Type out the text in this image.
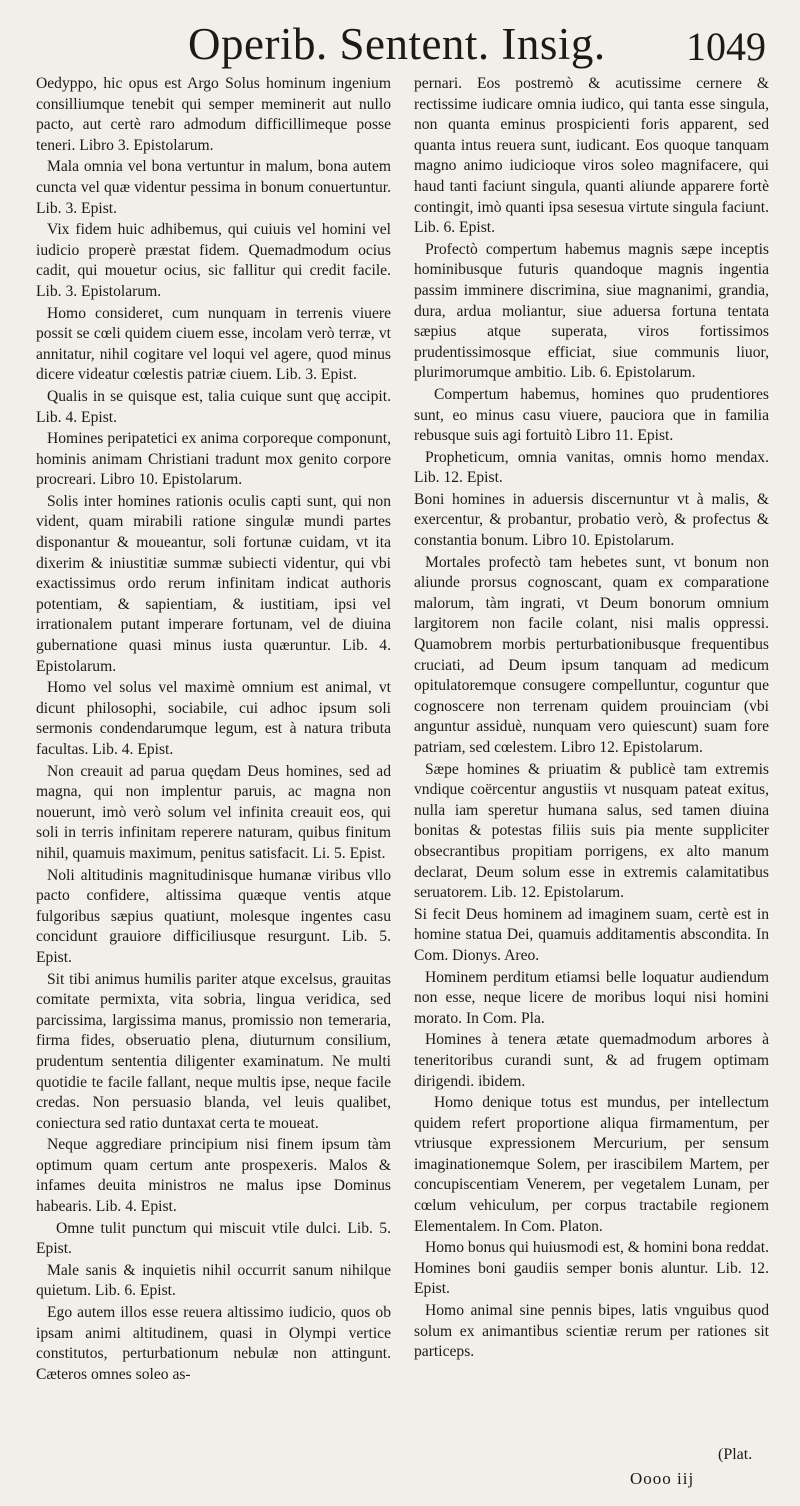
Operib. Sentent. Insig. 1049

Oedyppo, hic opus est Argo Solus hominum ingenium consilliumque tenebit qui semper meminerit aut nullo pacto, aut certè raro admodum difficillimeque posse teneri. Libro 3. Epistolarum.

Mala omnia vel bona vertuntur in malum, bona autem cuncta vel quæ videntur pessima in bonum conuertuntur. Lib. 3. Epist.

Vix fidem huic adhibemus, qui cuiuis vel homini vel iudicio properè præstat fidem. Quemadmodum ocius cadit, qui mouetur ocius, sic fallitur qui credit facile. Lib. 3. Epistolarum.

Homo consideret, cum nunquam in terrenis viuere possit se cœli quidem ciuem esse, incolam verò terræ, vt annitatur, nihil cogitare vel loqui vel agere, quod minus dicere videatur cœlestis patriæ ciuem. Lib. 3. Epist.

Qualis in se quisque est, talia cuique sunt quę accipit. Lib. 4. Epist.

Homines peripatetici ex anima corporeque componunt, hominis animam Christiani tradunt mox genito corpore procreari. Libro 10. Epistolarum.

Solis inter homines rationis oculis capti sunt, qui non vident, quam mirabili ratione singulæ mundi partes disponantur & moueantur, soli fortunæ cuidam, vt ita dixerim & iniustitiæ summæ subiecti videntur, qui vbi exactissimus ordo rerum infinitam indicat authoris potentiam, & sapientiam, & iustitiam, ipsi vel irrationalem putant imperare fortunam, vel de diuina gubernatione quasi minus iusta quæruntur. Lib. 4. Epistolarum.

Homo vel solus vel maximè omnium est animal, vt dicunt philosophi, sociabile, cui adhoc ipsum soli sermonis condendarumque legum, est à natura tributa facultas. Lib. 4. Epist.

Non creauit ad parua quędam Deus homines, sed ad magna, qui non implentur paruis, ac magna non nouerunt, imò verò solum vel infinita creauit eos, qui soli in terris infinitam reperere naturam, quibus finitum nihil, quamuis maximum, penitus satisfacit. Li. 5. Epist.

Noli altitudinis magnitudinisque humanæ viribus vllo pacto confidere, altissima quæque ventis atque fulgoribus sæpius quatiunt, molesque ingentes casu concidunt grauiore difficiliusque resurgunt. Lib. 5. Epist.

Sit tibi animus humilis pariter atque excelsus, grauitas comitate permixta, vita sobria, lingua veridica, sed parcissima, largissima manus, promissio non temeraria, firma fides, obseruatio plena, diuturnum consilium, prudentum sententia diligenter examinatum. Ne multi quotidie te facile fallant, neque multis ipse, neque facile credas. Non persuasio blanda, vel leuis qualibet, coniectura sed ratio duntaxat certa te moueat.

Neque aggrediare principium nisi finem ipsum tàm optimum quam certum ante prospexeris. Malos & infames deuita ministros ne malus ipse Dominus habearis. Lib. 4. Epist.

Omne tulit punctum qui miscuit vtile dulci. Lib. 5. Epist.

Male sanis & inquietis nihil occurrit sanum nihilque quietum. Lib. 6. Epist.

Ego autem illos esse reuera altissimo iudicio, quos ob ipsam animi altitudinem, quasi in Olympi vertice constitutos, perturbationum nebulæ non attingunt. Cæteros omnes soleo as-

pernari. Eos postremò & acutissime cernere & rectissime iudicare omnia iudico, qui tanta esse singula, non quanta eminus prospicienti foris apparent, sed quanta intus reuera sunt, iudicant. Eos quoque tanquam magno animo iudicioque viros soleo magnifacere, qui haud tanti faciunt singula, quanti aliunde apparere fortè contingit, imò quanti ipsa sesesua virtute singula faciunt. Lib. 6. Epist.

Profectò compertum habemus magnis sæpe inceptis hominibusque futuris quandoque magnis ingentia passim imminere discrimina, siue magnanimi, grandia, dura, ardua moliantur, siue aduersa fortuna tentata sæpius atque superata, viros fortissimos prudentissimosque efficiat, siue communis liuor, plurimorumque ambitio. Lib. 6. Epistolarum.

Compertum habemus, homines quo prudentiores sunt, eo minus casu viuere, pauciora que in familia rebusque suis agi fortuitò Libro 11. Epist.

Propheticum, omnia vanitas, omnis homo mendax. Lib. 12. Epist.

Boni homines in aduersis discernuntur vt à malis, & exercentur, & probantur, probatio verò, & profectus & constantia bonum. Libro 10. Epistolarum.

Mortales profectò tam hebetes sunt, vt bonum non aliunde prorsus cognoscant, quam ex comparatione malorum, tàm ingrati, vt Deum bonorum omnium largitorem non facile colant, nisi malis oppressi. Quamobrem morbis perturbationibusque frequentibus cruciati, ad Deum ipsum tanquam ad medicum opitulatoremque consugere compelluntur, coguntur que cognoscere non terrenam quidem prouinciam (vbi anguntur assiduè, nunquam vero quiescunt) suam fore patriam, sed cœlestem. Libro 12. Epistolarum.

Sæpe homines & priuatim & publicè tam extremis vndique coërcentur angustiis vt nusquam pateat exitus, nulla iam speretur humana salus, sed tamen diuina bonitas & potestas filiis suis pia mente suppliciter obsecrantibus propitiam porrigens, ex alto manum declarat, Deum solum esse in extremis calamitatibus seruatorem. Lib. 12. Epistolarum.

Si fecit Deus hominem ad imaginem suam, certè est in homine statua Dei, quamuis additamentis abscondita. In Com. Dionys. Areo.

Hominem perditum etiamsi belle loquatur audiendum non esse, neque licere de moribus loqui nisi homini morato. In Com. Pla.

Homines à tenera ætate quemadmodum arbores à teneritoribus curandi sunt, & ad frugem optimam dirigendi. ibidem.

Homo denique totus est mundus, per intellectum quidem refert proportione aliqua firmamentum, per vtriusque expressionem Mercurium, per sensum imaginationemque Solem, per irascibilem Martem, per concupiscentiam Venerem, per vegetalem Lunam, per cœlum vehiculum, per corpus tractabile regionem Elementalem. In Com. Platon.

Homo bonus qui huiusmodi est, & homini bona reddat. Homines boni gaudiis semper bonis aluntur. Lib. 12. Epist.

Homo animal sine pennis bipes, latis vnguibus quod solum ex animantibus scientiæ rerum per rationes sit particeps.

(Plat.
Oooo iij
